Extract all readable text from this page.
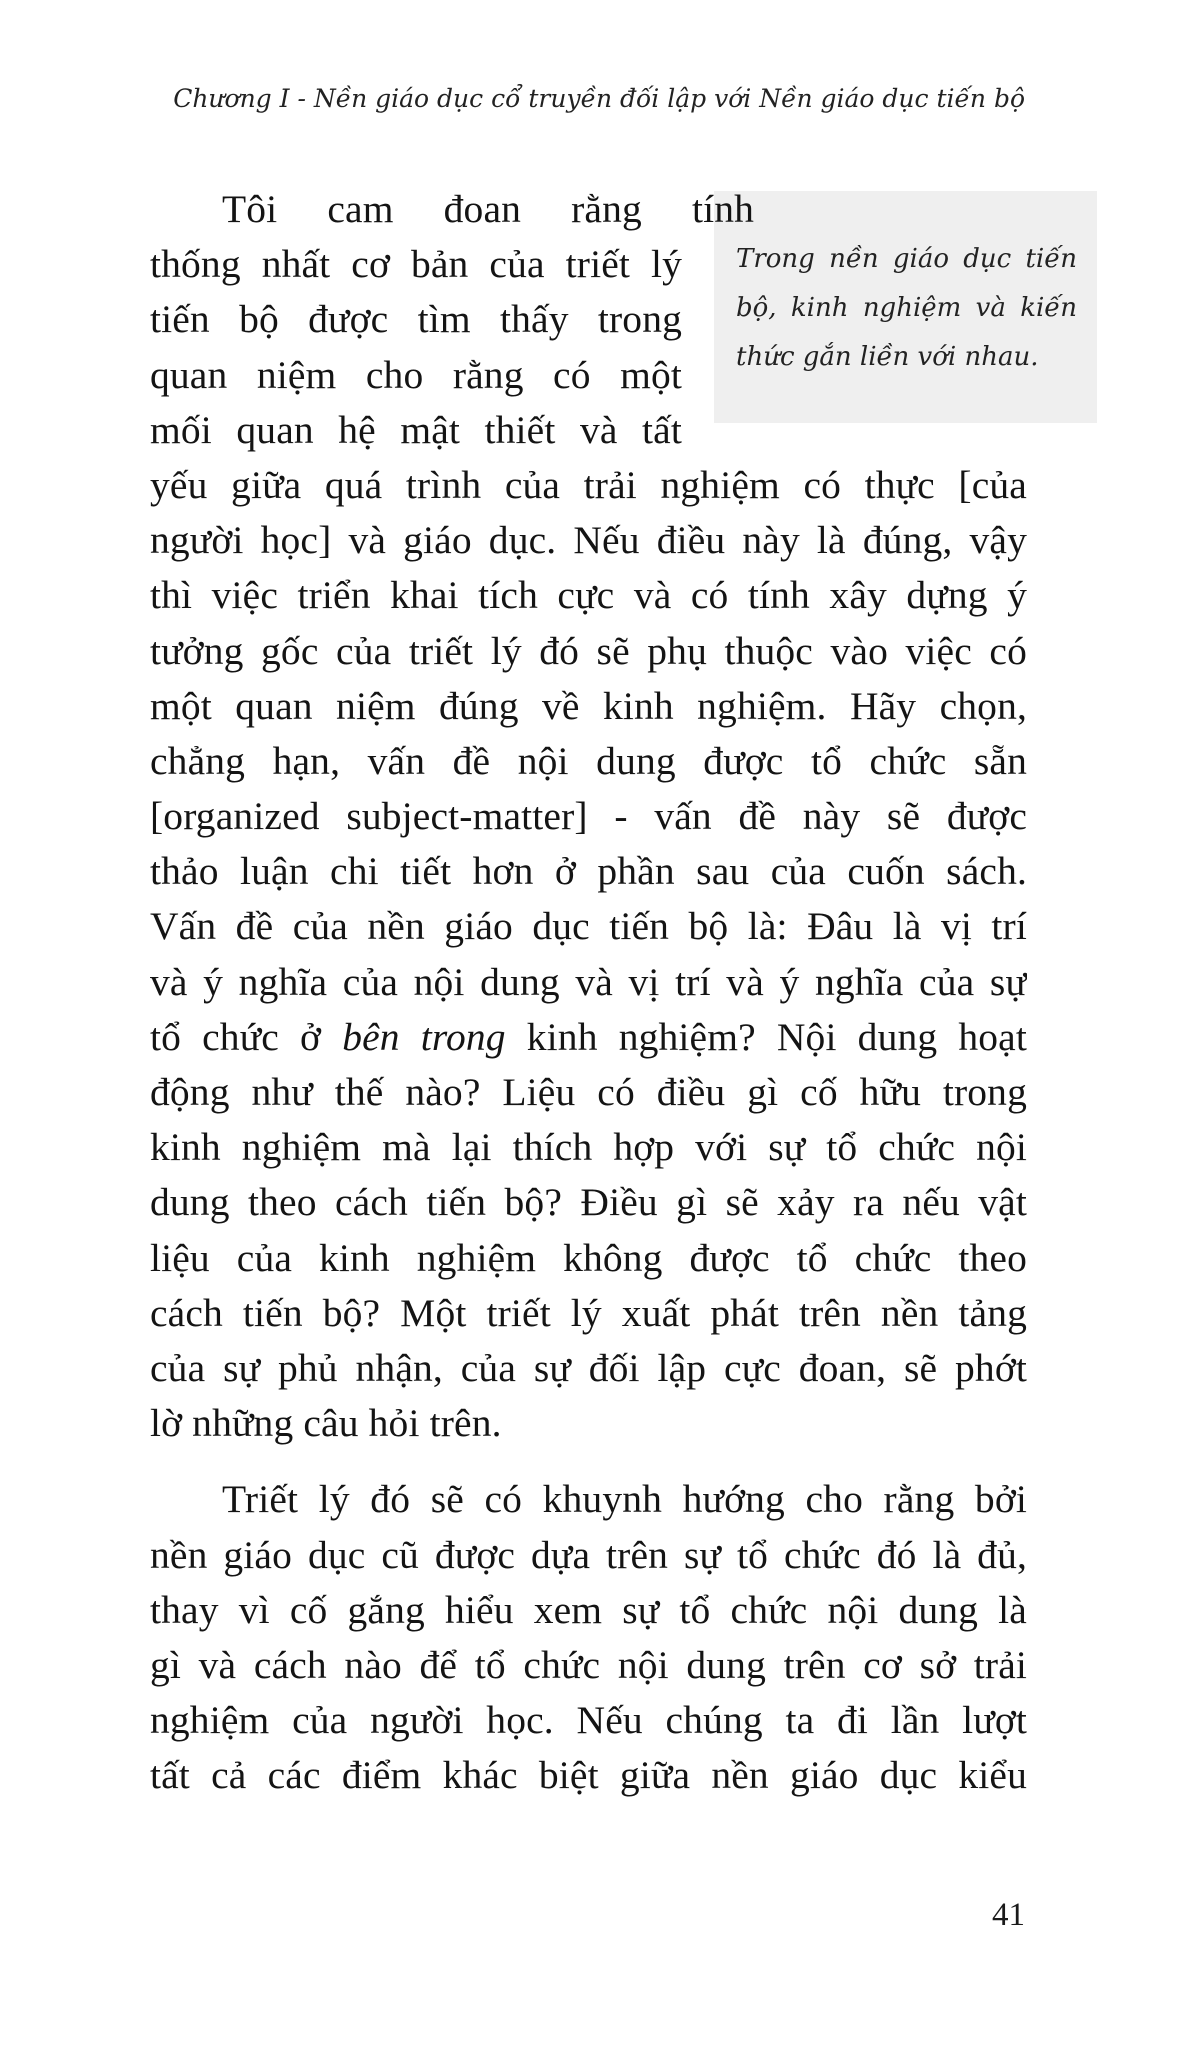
Chương I - Nền giáo dục cổ truyền đối lập với Nền giáo dục tiến bộ
Trong nền giáo dục tiến bộ, kinh nghiệm và kiến thức gắn liền với nhau.
Tôi cam đoan rằng tính
thống nhất cơ bản của triết lý
tiến bộ được tìm thấy trong
quan niệm cho rằng có một
mối quan hệ mật thiết và tất
yếu giữa quá trình của trải nghiệm có thực [của
người học] và giáo dục. Nếu điều này là đúng, vậy
thì việc triển khai tích cực và có tính xây dựng ý
tưởng gốc của triết lý đó sẽ phụ thuộc vào việc có
một quan niệm đúng về kinh nghiệm. Hãy chọn,
chẳng hạn, vấn đề nội dung được tổ chức sẵn
[organized subject-matter] - vấn đề này sẽ được
thảo luận chi tiết hơn ở phần sau của cuốn sách.
Vấn đề của nền giáo dục tiến bộ là: Đâu là vị trí
và ý nghĩa của nội dung và vị trí và ý nghĩa của sự
tổ chức ở bên trong kinh nghiệm? Nội dung hoạt
động như thế nào? Liệu có điều gì cố hữu trong
kinh nghiệm mà lại thích hợp với sự tổ chức nội
dung theo cách tiến bộ? Điều gì sẽ xảy ra nếu vật
liệu của kinh nghiệm không được tổ chức theo
cách tiến bộ? Một triết lý xuất phát trên nền tảng
của sự phủ nhận, của sự đối lập cực đoan, sẽ phớt
lờ những câu hỏi trên.
Triết lý đó sẽ có khuynh hướng cho rằng bởi
nền giáo dục cũ được dựa trên sự tổ chức đó là đủ,
thay vì cố gắng hiểu xem sự tổ chức nội dung là
gì và cách nào để tổ chức nội dung trên cơ sở trải
nghiệm của người học. Nếu chúng ta đi lần lượt
tất cả các điểm khác biệt giữa nền giáo dục kiểu
41
